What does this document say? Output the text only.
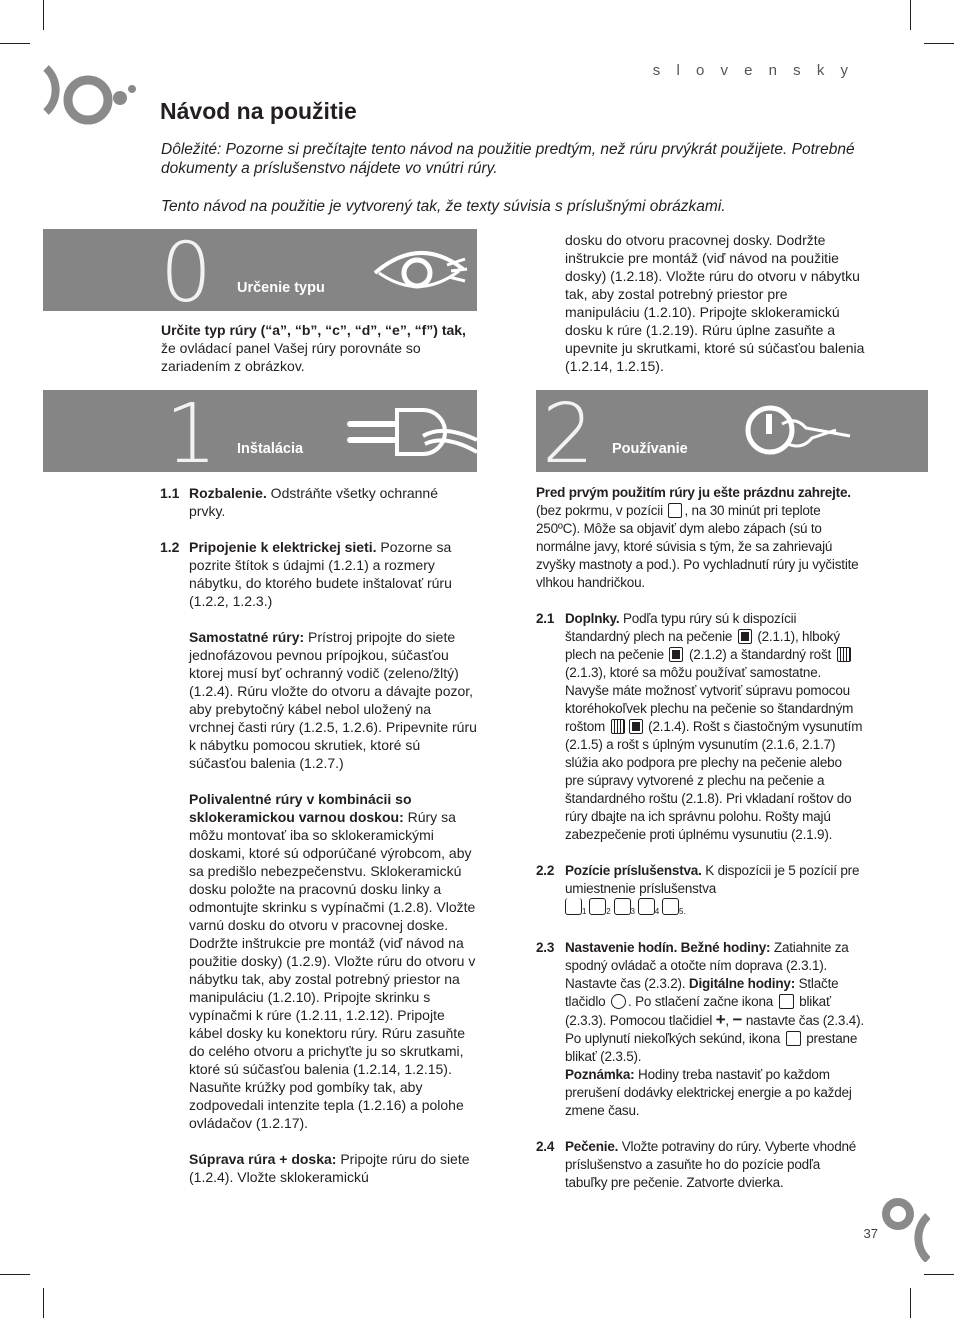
s l o v e n s k y
Návod na použitie

Dôležité: Pozorne si prečítajte tento návod na použitie predtým, než rúru prvýkrát použijete. Potrebné dokumenty a príslušenstvo nájdete vo vnútri rúry.

Tento návod na použitie je vytvorený tak, že texty súvisia s príslušnými obrázkami.

0 Určenie typu

Určite typ rúry (“a”, “b”, “c”, “d”, “e”, “f”) tak, že ovládací panel Vašej rúry porovnáte so zariadením z obrázkov.

1 Inštalácia
1.1 Rozbalenie. Odstráňte všetky ochranné prvky.

1.2 Pripojenie k elektrickej sieti. Pozorne sa pozrite štítok s údajmi (1.2.1) a rozmery nábytku, do ktorého budete inštalovať rúru (1.2.2, 1.2.3.)

Samostatné rúry: Prístroj pripojte do siete jednofázovou pevnou prípojkou, súčasťou ktorej musí byť ochranný vodič (zeleno/žltý) (1.2.4). Rúru vložte do otvoru a dávajte pozor, aby prebytočný kábel nebol uložený na vrchnej časti rúry (1.2.5, 1.2.6). Pripevnite rúru k nábytku pomocou skrutiek, ktoré sú súčasťou balenia (1.2.7.)

Polivalentné rúry v kombinácii so sklokeramickou varnou doskou: Rúry sa môžu montovať iba so sklokeramickými doskami, ktoré sú odporúčané výrobcom, aby sa predišlo nebezpečenstvu. Sklokeramickú dosku položte na pracovnú dosku linky a odmontujte skrinku s vypínačmi (1.2.8). Vložte varnú dosku do otvoru v pracovnej doske. Dodržte inštrukcie pre montáž (viď návod na použitie dosky) (1.2.9). Vložte rúru do otvoru v nábytku tak, aby zostal potrebný priestor na manipuláciu (1.2.10). Pripojte skrinku s vypínačmi k rúre (1.2.11, 1.2.12). Pripojte kábel dosky ku konektoru rúry. Rúru zasuňte do celého otvoru a prichyťte ju so skrutkami, ktoré sú súčasťou balenia (1.2.14, 1.2.15). Nasuňte krúžky pod gombíky tak, aby zodpovedali intenzite tepla (1.2.16) a polohe ovládačov (1.2.17).

Súprava rúra + doska: Pripojte rúru do siete (1.2.4). Vložte sklokeramickú

dosku do otvoru pracovnej dosky. Dodržte inštrukcie pre montáž (viď návod na použitie dosky) (1.2.18). Vložte rúru do otvoru v nábytku tak, aby zostal potrebný priestor pre manipuláciu (1.2.10). Pripojte sklokeramickú dosku k rúre (1.2.19). Rúru úplne zasuňte a upevnite ju skrutkami, ktoré sú súčasťou balenia (1.2.14, 1.2.15).

2 Používanie

Pred prvým použitím rúry ju ešte prázdnu zahrejte. (bez pokrmu, v pozícii , na 30 minút pri teplote 250ºC). Môže sa objaviť dym alebo zápach (sú to normálne javy, ktoré súvisia s tým, že sa zahrievajú zvyšky mastnoty a pod.). Po vychladnutí rúry ju vyčistite vlhkou handričkou.

2.1 Doplnky. Podľa typu rúry sú k dispozícii štandardný plech na pečenie  (2.1.1), hlboký plech na pečenie  (2.1.2) a štandardný rošt  (2.1.3), ktoré sa môžu používať samostatne. Navyše máte možnosť vytvoriť súpravu pomocou ktoréhokoľvek plechu na pečenie so štandardným roštom	(2.1.4). Rošt s čiastočným vysunutím (2.1.5) a rošt s úplným vysunutím (2.1.6, 2.1.7) slúžia ako podpora pre plechy na pečenie alebo pre súpravy vytvorené z plechu na pečenie a štandardného roštu (2.1.8). Pri vkladaní roštov do rúry dbajte na ich správnu polohu. Rošty majú zabezpečenie proti úplnému vysunutiu (2.1.9).

2.2 Pozície príslušenstva. K dispozícii je 5 pozícií pre umiestnenie príslušenstva

$_1$	$_2$	$_3$	$_4$	$_{5.}$

2.3 Nastavenie hodín. Bežné hodiny: Zatiahnite za spodný ovládač a otočte ním doprava (2.3.1). Nastavte čas (2.3.2). Digitálne hodiny: Stlačte tlačidlo . Po stlačení začne ikona  blikať (2.3.3). Pomocou tlačidiel +, − nastavte čas (2.3.4). Po uplynutí niekoľkých sekúnd, ikona  prestane blikať (2.3.5).

Poznámka: Hodiny treba nastaviť po každom prerušení dodávky elektrickej energie a po každej zmene času.

2.4 Pečenie. Vložte potraviny do rúry. Vyberte vhodné príslušenstvo a zasuňte ho do pozície podľa tabuľky pre pečenie. Zatvorte dvierka.

37
